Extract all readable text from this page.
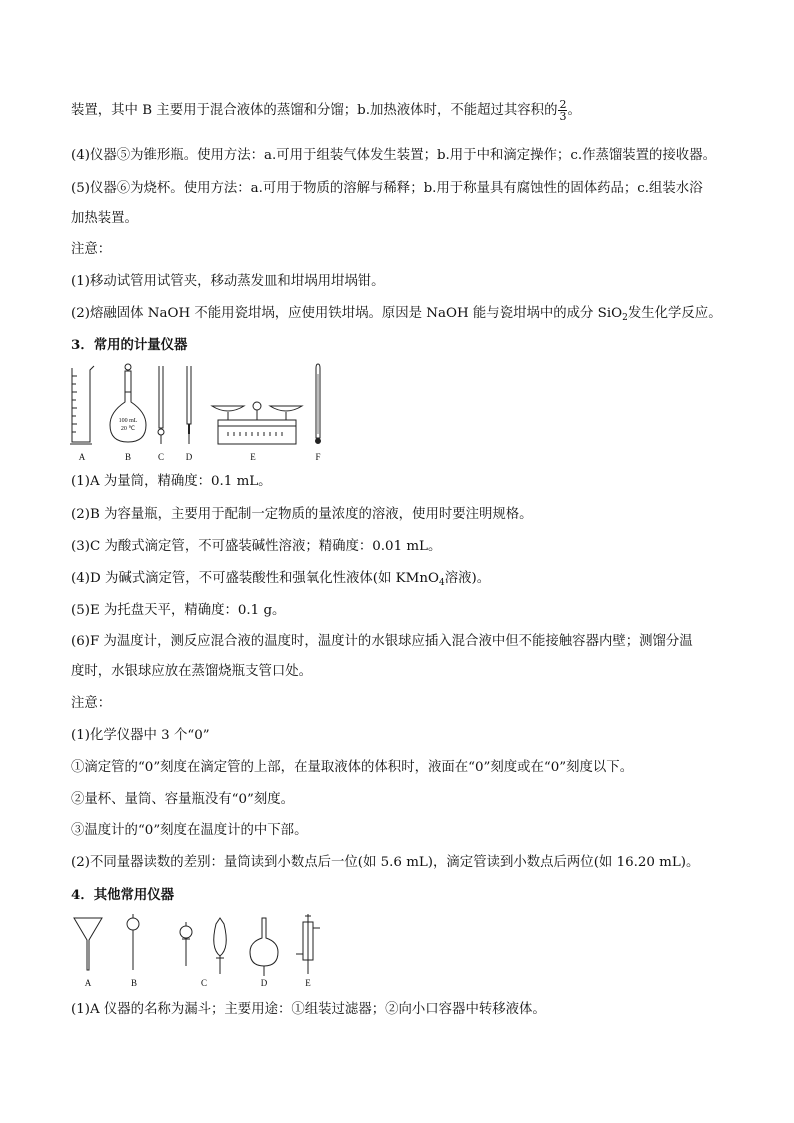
装置，其中 B 主要用于混合液体的蒸馏和分馏；b.加热液体时，不能超过其容积的 $\frac{2}{3}$ 。
(4)仪器⑤为锥形瓶。使用方法：a.可用于组装气体发生装置；b.用于中和滴定操作；c.作蒸馏装置的接收器。
(5)仪器⑥为烧杯。使用方法：a.可用于物质的溶解与稀释；b.用于称量具有腐蚀性的固体药品；c.组装水浴
加热装置。
注意：
(1)移动试管用试管夹，移动蒸发皿和坩埚用坩埚钳。
(2)熔融固体 NaOH 不能用瓷坩埚，应使用铁坩埚。原因是 NaOH 能与瓷坩埚中的成分 SiO$_2$发生化学反应。
3．常用的计量仪器
100 mL
20 ℃
A	B	C D	E	F
(1)A 为量筒，精确度：0.1 mL。
(2)B 为容量瓶，主要用于配制一定物质的量浓度的溶液，使用时要注明规格。
(3)C 为酸式滴定管，不可盛装碱性溶液；精确度：0.01 mL。
(4)D 为碱式滴定管，不可盛装酸性和强氧化性液体(如 KMnO$_4$溶液)。
(5)E 为托盘天平，精确度：0.1 g。
(6)F 为温度计，测反应混合液的温度时，温度计的水银球应插入混合液中但不能接触容器内壁；测馏分温
度时，水银球应放在蒸馏烧瓶支管口处。
注意：
(1)化学仪器中 3 个“0”
①滴定管的“0”刻度在滴定管的上部，在量取液体的体积时，液面在“0”刻度或在“0”刻度以下。
②量杯、量筒、容量瓶没有“0”刻度。
③温度计的“0”刻度在温度计的中下部。
(2)不同量器读数的差别：量筒读到小数点后一位(如 5.6 mL)，滴定管读到小数点后两位(如 16.20 mL)。
4．其他常用仪器
A	B	C	D	E
(1)A 仪器的名称为漏斗；主要用途：①组装过滤器；②向小口容器中转移液体。
